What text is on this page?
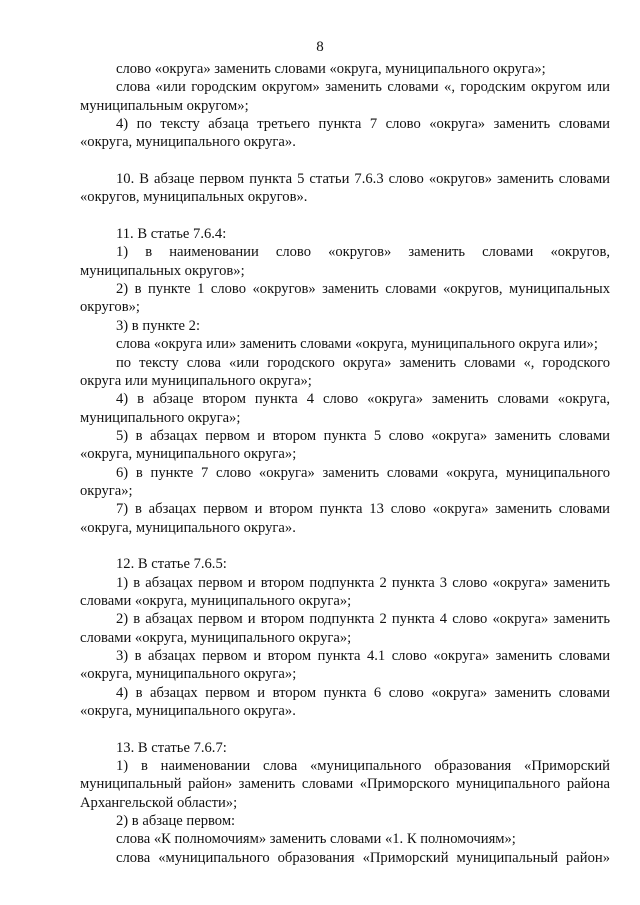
8

слово «округа» заменить словами «округа, муниципального округа»;

слова «или городским округом» заменить словами «, городским округом или муниципальным округом»;

4) по тексту абзаца третьего пункта 7 слово «округа» заменить словами «округа, муниципального округа».

10. В абзаце первом пункта 5 статьи 7.6.3 слово «округов» заменить словами «округов, муниципальных округов».

11. В статье 7.6.4:

1) в наименовании слово «округов» заменить словами «округов, муниципальных округов»;

2) в пункте 1 слово «округов» заменить словами «округов, муниципальных округов»;

3) в пункте 2:

слова «округа или» заменить словами «округа, муниципального округа или»;

по тексту слова «или городского округа» заменить словами «, городского округа или муниципального округа»;

4) в абзаце втором пункта 4 слово «округа» заменить словами «округа, муниципального округа»;

5) в абзацах первом и втором пункта 5 слово «округа» заменить словами «округа, муниципального округа»;

6) в пункте 7 слово «округа» заменить словами «округа, муниципального округа»;

7) в абзацах первом и втором пункта 13 слово «округа» заменить словами «округа, муниципального округа».

12. В статье 7.6.5:

1) в абзацах первом и втором подпункта 2 пункта 3 слово «округа» заменить словами «округа, муниципального округа»;

2) в абзацах первом и втором подпункта 2 пункта 4 слово «округа» заменить словами «округа, муниципального округа»;

3) в абзацах первом и втором пункта 4.1 слово «округа» заменить словами «округа, муниципального округа»;

4) в абзацах первом и втором пункта 6 слово «округа» заменить словами «округа, муниципального округа».

13. В статье 7.6.7:

1) в наименовании слова «муниципального образования «Приморский муниципальный район» заменить словами «Приморского муниципального района Архангельской области»;

2) в абзаце первом:

слова «К полномочиям» заменить словами «1. К полномочиям»;

слова «муниципального образования «Приморский муниципальный район»
